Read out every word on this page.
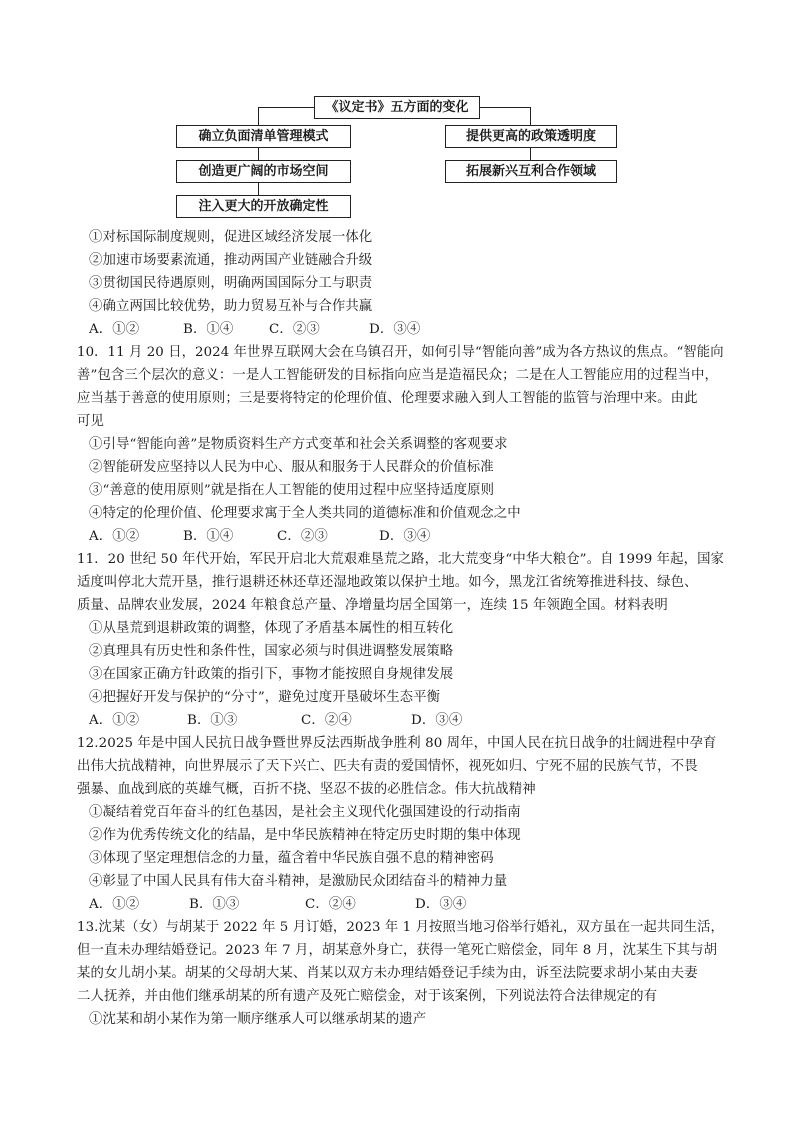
《议定书》五方面的变化
确立负面清单管理模式
创造更广阔的市场空间
注入更大的开放确定性
提供更高的政策透明度
拓展新兴互利合作领域
①对标国际制度规则，促进区域经济发展一体化
②加速市场要素流通，推动两国产业链融合升级
③贯彻国民待遇原则，明确两国国际分工与职责
④确立两国比较优势，助力贸易互补与合作共赢
A．①②	B．①④	C．②③	D．③④
10．11 月 20 日，2024 年世界互联网大会在乌镇召开，如何引导“智能向善”成为各方热议的焦点。“智能向
善”包含三个层次的意义：一是人工智能研发的目标指向应当是造福民众；二是在人工智能应用的过程当中，
应当基于善意的使用原则；三是要将特定的伦理价值、伦理要求融入到人工智能的监管与治理中来。由此
可见
①引导“智能向善”是物质资料生产方式变革和社会关系调整的客观要求
②智能研发应坚持以人民为中心、服从和服务于人民群众的价值标准
③“善意的使用原则”就是指在人工智能的使用过程中应坚持适度原则
④特定的伦理价值、伦理要求寓于全人类共同的道德标准和价值观念之中
A．①②	B．①④	C．②③	D．③④
11．20 世纪 50 年代开始，军民开启北大荒艰难垦荒之路，北大荒变身“中华大粮仓”。自 1999 年起，国家
适度叫停北大荒开垦，推行退耕还林还草还湿地政策以保护土地。如今，黑龙江省统筹推进科技、绿色、
质量、品牌农业发展，2024 年粮食总产量、净增量均居全国第一，连续 15 年领跑全国。材料表明
①从垦荒到退耕政策的调整，体现了矛盾基本属性的相互转化
②真理具有历史性和条件性，国家必须与时俱进调整发展策略
③在国家正确方针政策的指引下，事物才能按照自身规律发展
④把握好开发与保护的“分寸”，避免过度开垦破坏生态平衡
A．①②	B．①③	C．②④	D．③④
12.2025 年是中国人民抗日战争暨世界反法西斯战争胜利 80 周年，中国人民在抗日战争的壮阔进程中孕育
出伟大抗战精神，向世界展示了天下兴亡、匹夫有责的爱国情怀，视死如归、宁死不屈的民族气节，不畏
强暴、血战到底的英雄气概，百折不挠、坚忍不拔的必胜信念。伟大抗战精神
①凝结着党百年奋斗的红色基因，是社会主义现代化强国建设的行动指南
②作为优秀传统文化的结晶，是中华民族精神在特定历史时期的集中体现
③体现了坚定理想信念的力量，蕴含着中华民族自强不息的精神密码
④彰显了中国人民具有伟大奋斗精神，是激励民众团结奋斗的精神力量
A．①②	B．①③	C．②④	D．③④
13.沈某（女）与胡某于 2022 年 5 月订婚，2023 年 1 月按照当地习俗举行婚礼，双方虽在一起共同生活，
但一直未办理结婚登记。2023 年 7 月，胡某意外身亡，获得一笔死亡赔偿金，同年 8 月，沈某生下其与胡
某的女儿胡小某。胡某的父母胡大某、肖某以双方未办理结婚登记手续为由，诉至法院要求胡小某由夫妻
二人抚养，并由他们继承胡某的所有遗产及死亡赔偿金，对于该案例，下列说法符合法律规定的有
①沈某和胡小某作为第一顺序继承人可以继承胡某的遗产
